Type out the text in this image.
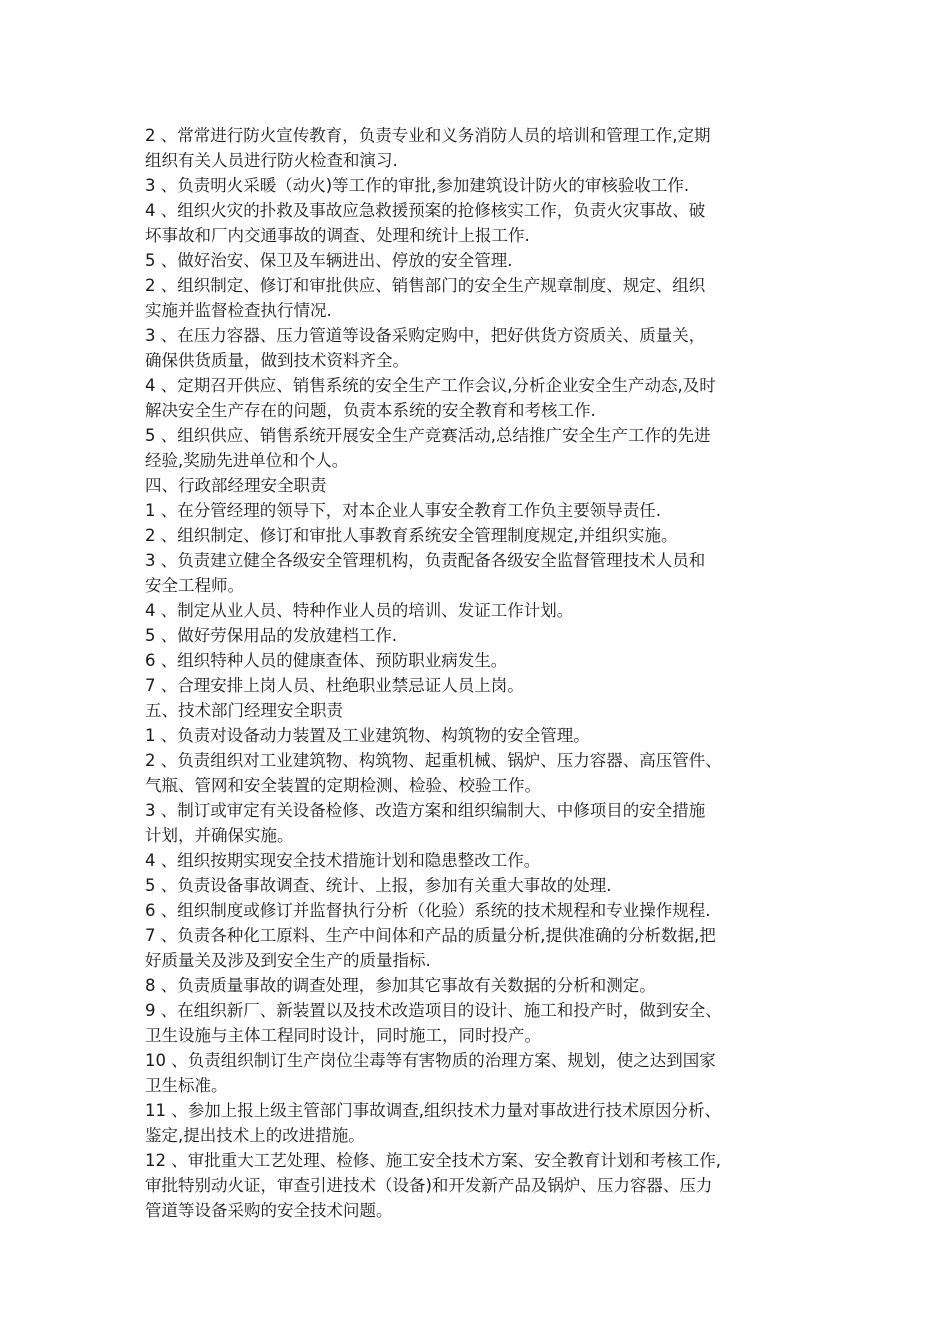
2 、常常进行防火宣传教育，负责专业和义务消防人员的培训和管理工作,定期
组织有关人员进行防火检查和演习.

3 、负责明火采暖（动火)等工作的审批,参加建筑设计防火的审核验收工作.

4 、组织火灾的扑救及事故应急救援预案的抢修核实工作，负责火灾事故、破
坏事故和厂内交通事故的调查、处理和统计上报工作.

5 、做好治安、保卫及车辆进出、停放的安全管理.

2 、组织制定、修订和审批供应、销售部门的安全生产规章制度、规定、组织
实施并监督检查执行情况.

3 、在压力容器、压力管道等设备采购定购中，把好供货方资质关、质量关，
确保供货质量，做到技术资料齐全。

4 、定期召开供应、销售系统的安全生产工作会议,分析企业安全生产动态,及时
解决安全生产存在的问题，负责本系统的安全教育和考核工作.

5 、组织供应、销售系统开展安全生产竞赛活动,总结推广安全生产工作的先进
经验,奖励先进单位和个人。

四、行政部经理安全职责

1 、在分管经理的领导下，对本企业人事安全教育工作负主要领导责任.

2 、组织制定、修订和审批人事教育系统安全管理制度规定,并组织实施。

3 、负责建立健全各级安全管理机构，负责配备各级安全监督管理技术人员和
安全工程师。

4 、制定从业人员、特种作业人员的培训、发证工作计划。

5 、做好劳保用品的发放建档工作.

6 、组织特种人员的健康查体、预防职业病发生。

7 、合理安排上岗人员、杜绝职业禁忌证人员上岗。

五、技术部门经理安全职责

1 、负责对设备动力装置及工业建筑物、构筑物的安全管理。

2 、负责组织对工业建筑物、构筑物、起重机械、锅炉、压力容器、高压管件、
气瓶、管网和安全装置的定期检测、检验、校验工作。

3 、制订或审定有关设备检修、改造方案和组织编制大、中修项目的安全措施
计划，并确保实施。

4 、组织按期实现安全技术措施计划和隐患整改工作。

5 、负责设备事故调查、统计、上报，参加有关重大事故的处理.

6 、组织制度或修订并监督执行分析（化验）系统的技术规程和专业操作规程.

7 、负责各种化工原料、生产中间体和产品的质量分析,提供准确的分析数据,把
好质量关及涉及到安全生产的质量指标.

8 、负责质量事故的调查处理，参加其它事故有关数据的分析和测定。

9 、在组织新厂、新装置以及技术改造项目的设计、施工和投产时，做到安全、
卫生设施与主体工程同时设计，同时施工，同时投产。

10 、负责组织制订生产岗位尘毒等有害物质的治理方案、规划，使之达到国家
卫生标准。

11 、参加上报上级主管部门事故调查,组织技术力量对事故进行技术原因分析、
鉴定,提出技术上的改进措施。

12 、审批重大工艺处理、检修、施工安全技术方案、安全教育计划和考核工作,
审批特别动火证，审查引进技术（设备)和开发新产品及锅炉、压力容器、压力
管道等设备采购的安全技术问题。
